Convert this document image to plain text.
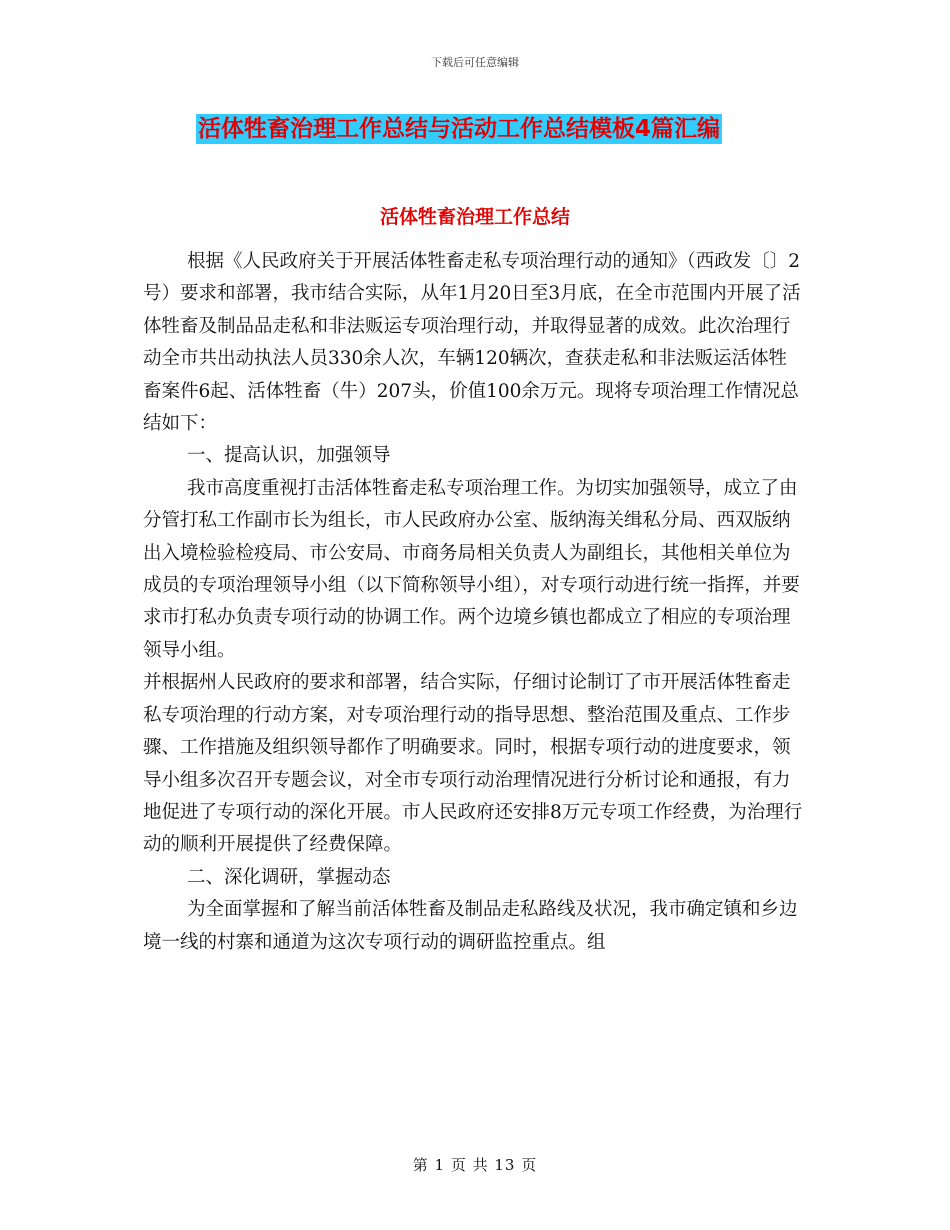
下载后可任意编辑
活体牲畜治理工作总结与活动工作总结模板4篇汇编
活体牲畜治理工作总结

根据《人民政府关于开展活体牲畜走私专项治理行动的通知》（西政发〔〕2号）要求和部署，我市结合实际，从年1月20日至3月底，在全市范围内开展了活体牲畜及制品品走私和非法贩运专项治理行动，并取得显著的成效。此次治理行动全市共出动执法人员330余人次，车辆120辆次，查获走私和非法贩运活体牲畜案件6起、活体牲畜（牛）207头，价值100余万元。现将专项治理工作情况总结如下：

一、提高认识，加强领导

我市高度重视打击活体牲畜走私专项治理工作。为切实加强领导，成立了由分管打私工作副市长为组长，市人民政府办公室、版纳海关缉私分局、西双版纳出入境检验检疫局、市公安局、市商务局相关负责人为副组长，其他相关单位为成员的专项治理领导小组（以下简称领导小组），对专项行动进行统一指挥，并要求市打私办负责专项行动的协调工作。两个边境乡镇也都成立了相应的专项治理领导小组。

并根据州人民政府的要求和部署，结合实际，仔细讨论制订了市开展活体牲畜走私专项治理的行动方案，对专项治理行动的指导思想、整治范围及重点、工作步骤、工作措施及组织领导都作了明确要求。同时，根据专项行动的进度要求，领导小组多次召开专题会议，对全市专项行动治理情况进行分析讨论和通报，有力地促进了专项行动的深化开展。市人民政府还安排8万元专项工作经费，为治理行动的顺利开展提供了经费保障。

二、深化调研，掌握动态

为全面掌握和了解当前活体牲畜及制品走私路线及状况，我市确定镇和乡边境一线的村寨和通道为这次专项行动的调研监控重点。组

第 1 页 共 13 页
